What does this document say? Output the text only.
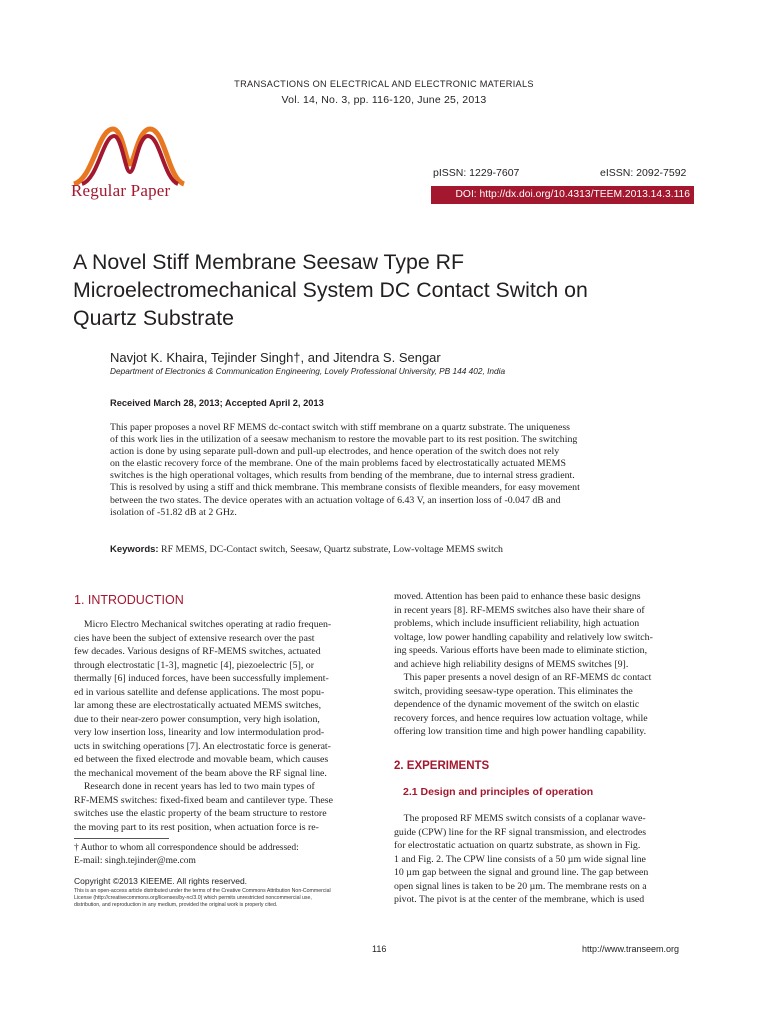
TRANSACTIONS ON ELECTRICAL AND ELECTRONIC MATERIALS
Vol. 14, No. 3, pp. 116-120, June 25, 2013
Regular Paper
pISSN: 1229-7607	eISSN: 2092-7592
DOI: http://dx.doi.org/10.4313/TEEM.2013.14.3.116
A Novel Stiff Membrane Seesaw Type RF
Microelectromechanical System DC Contact Switch on
Quartz Substrate
Navjot K. Khaira, Tejinder Singh†, and Jitendra S. Sengar
Department of Electronics & Communication Engineering, Lovely Professional University, PB 144 402, India
Received March 28, 2013; Accepted April 2, 2013
This paper proposes a novel RF MEMS dc-contact switch with stiff membrane on a quartz substrate. The uniqueness
of this work lies in the utilization of a seesaw mechanism to restore the movable part to its rest position. The switching
action is done by using separate pull-down and pull-up electrodes, and hence operation of the switch does not rely
on the elastic recovery force of the membrane. One of the main problems faced by electrostatically actuated MEMS
switches is the high operational voltages, which results from bending of the membrane, due to internal stress gradient.
This is resolved by using a stiff and thick membrane. This membrane consists of flexible meanders, for easy movement
between the two states. The device operates with an actuation voltage of 6.43 V, an insertion loss of -0.047 dB and
isolation of -51.82 dB at 2 GHz.
Keywords: RF MEMS, DC-Contact switch, Seesaw, Quartz substrate, Low-voltage MEMS switch
1. INTRODUCTION
Micro Electro Mechanical switches operating at radio frequen-
cies have been the subject of extensive research over the past
few decades. Various designs of RF-MEMS switches, actuated
through electrostatic [1-3], magnetic [4], piezoelectric [5], or
thermally [6] induced forces, have been successfully implement-
ed in various satellite and defense applications. The most popu-
lar among these are electrostatically actuated MEMS switches,
due to their near-zero power consumption, very high isolation,
very low insertion loss, linearity and low intermodulation prod-
ucts in switching operations [7]. An electrostatic force is generat-
ed between the fixed electrode and movable beam, which causes
the mechanical movement of the beam above the RF signal line.
Research done in recent years has led to two main types of
RF-MEMS switches: fixed-fixed beam and cantilever type. These
switches use the elastic property of the beam structure to restore
the moving part to its rest position, when actuation force is re-
moved. Attention has been paid to enhance these basic designs
in recent years [8]. RF-MEMS switches also have their share of
problems, which include insufficient reliability, high actuation
voltage, low power handling capability and relatively low switch-
ing speeds. Various efforts have been made to eliminate stiction,
and achieve high reliability designs of MEMS switches [9].
This paper presents a novel design of an RF-MEMS dc contact
switch, providing seesaw-type operation. This eliminates the
dependence of the dynamic movement of the switch on elastic
recovery forces, and hence requires low actuation voltage, while
offering low transition time and high power handling capability.
2. EXPERIMENTS
2.1 Design and principles of operation
The proposed RF MEMS switch consists of a coplanar wave-
guide (CPW) line for the RF signal transmission, and electrodes
for electrostatic actuation on quartz substrate, as shown in Fig.
1 and Fig. 2. The CPW line consists of a 50 µm wide signal line
10 µm gap between the signal and ground line. The gap between
open signal lines is taken to be 20 µm. The membrane rests on a
pivot. The pivot is at the center of the membrane, which is used
† Author to whom all correspondence should be addressed:
E-mail: singh.tejinder@me.com
Copyright ©2013 KIEEME. All rights reserved.
This is an open-access article distributed under the terms of the Creative Commons Attribution Non-Commercial
License (http://creativecommons.org/licenses/by-nc/3.0) which permits unrestricted noncommercial use,
distribution, and reproduction in any medium, provided the original work is properly cited.
116	http://www.transeem.org
